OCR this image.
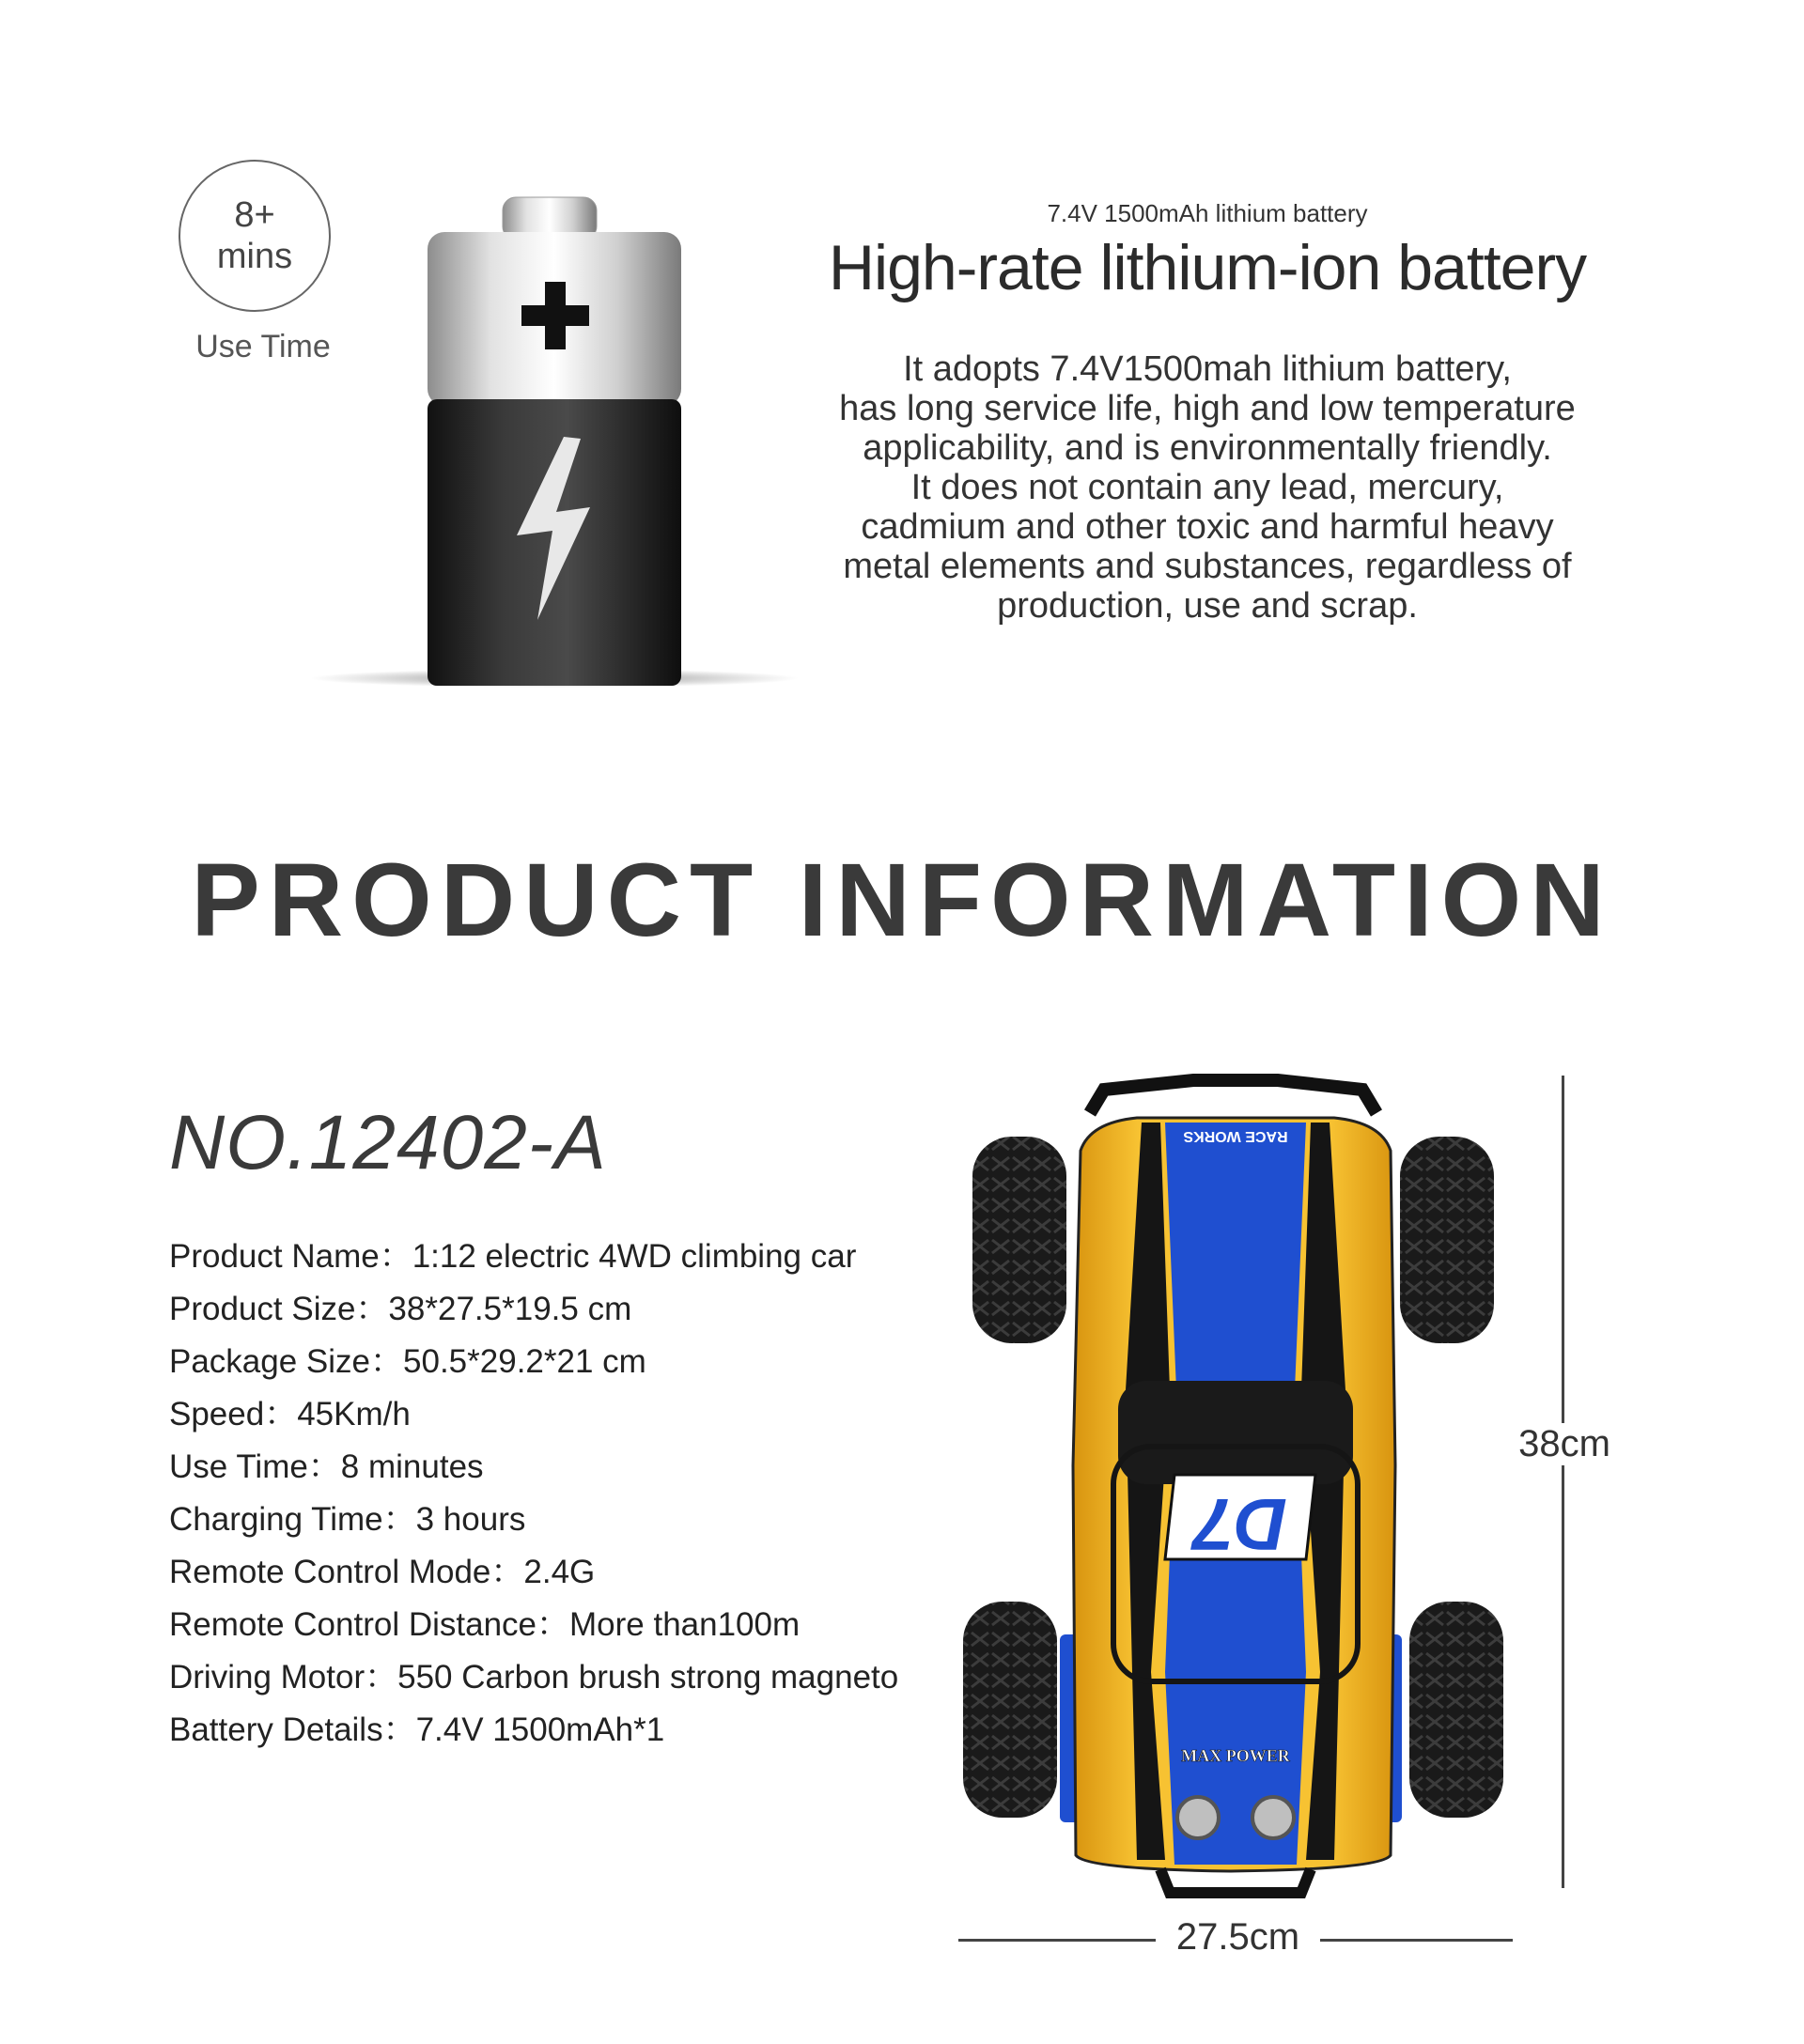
8+
mins
Use Time
7.4V 1500mAh lithium battery
High-rate lithium-ion battery
It adopts 7.4V1500mah lithium battery,
has long service life, high and low temperature
applicability, and is environmentally friendly.
It does not contain any lead, mercury,
cadmium and other toxic and harmful heavy
metal elements and substances, regardless of
production, use and scrap.
PRODUCT INFORMATION
NO.12402-A
Product Name：1:12 electric 4WD climbing car
Product Size：38*27.5*19.5 cm
Package Size：50.5*29.2*21 cm
Speed：45Km/h
Use Time：8 minutes
Charging Time：3 hours
Remote Control Mode：2.4G
Remote Control Distance：More than100m
Driving Motor：550 Carbon brush strong magneto
Battery Details：7.4V 1500mAh*1
D7
RACE WORKS
MAX POWER
38cm
27.5cm
